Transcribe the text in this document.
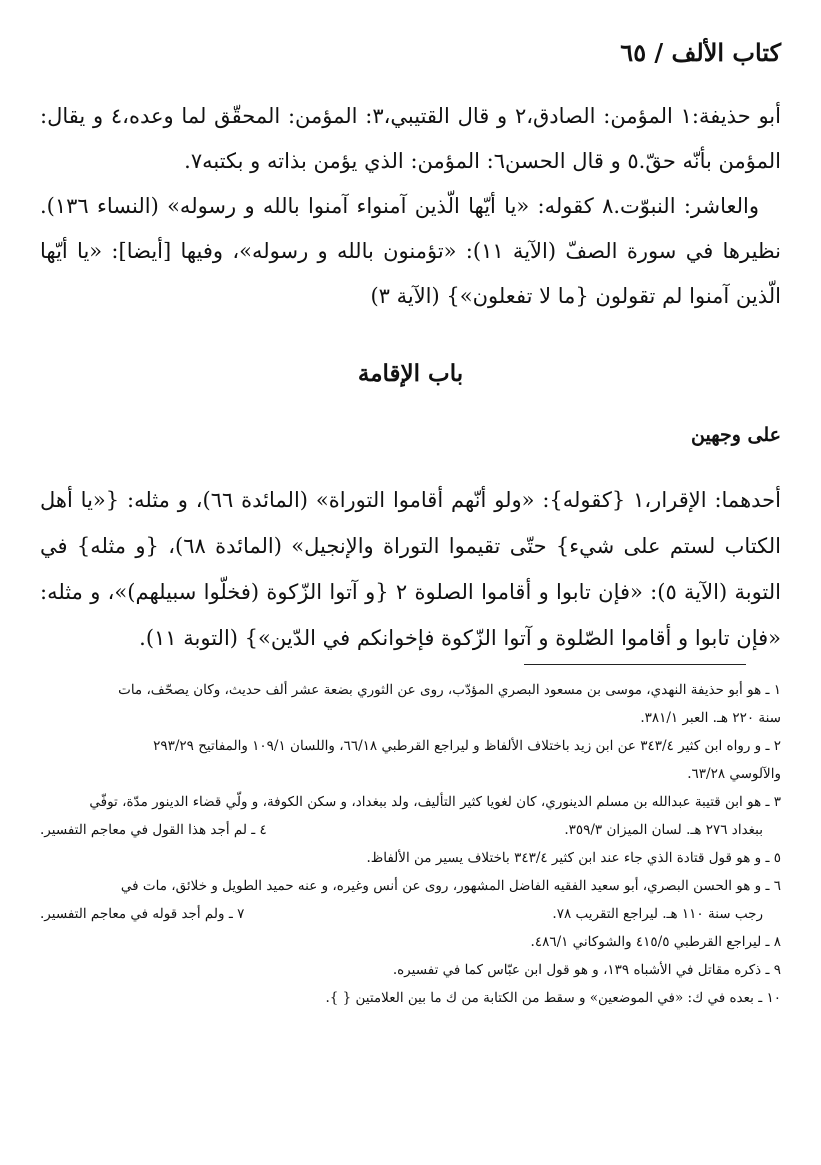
كتاب الألف / ٦٥

أبو حذيفة:١ المؤمن: الصادق،٢ و قال القتيبي،٣: المؤمن: المحقّق لما وعده،٤ و يقال: المؤمن بأنّه حقّ.٥ و قال الحسن٦: المؤمن: الذي يؤمن بذاته و بكتبه٧.

والعاشر: النبوّت.٨ كقوله: «يا أيّها الّذين آمنواء آمنوا بالله و رسوله» (النساء ١٣٦). نظيرها في سورة الصفّ (الآية ١١): «تؤمنون بالله و رسوله»، وفيها [أيضا]: «يا أيّها الّذين آمنوا لم تقولون {ما لا تفعلون»} (الآية ٣)

باب الإقامة
على وجهين

أحدهما: الإقرار،١ {كقوله}: «ولو أنّهم أقاموا التوراة» (المائدة ٦٦)، و مثله: {«يا أهل الكتاب لستم على شيء} حتّى تقيموا التوراة والإنجيل» (المائدة ٦٨)، {و مثله} في التوبة (الآية ٥): «فإن تابوا و أقاموا الصلوة ٢ {و آتوا الزّكوة (فخلّوا سبيلهم)»، و مثله: «فإن تابوا و أقاموا الصّلوة و آتوا الزّكوة فإخوانكم في الدّين»} (التوبة ١١).

١ ـ هو أبو حذيفة النهدي، موسى بن مسعود البصري المؤدّب، روى عن الثوري بضعة عشر ألف حديث، وكان يصحّف، مات

سنة ٢٢٠ هـ. العبر ٣٨١/١.

٢ ـ و رواه ابن كثير ٣٤٣/٤ عن ابن زيد باختلاف الألفاظ و لیراجع القرطبي ٦٦/١٨، واللسان ١٠٩/١ والمفاتيح ٢٩٣/٢٩

والآلوسي ٦٣/٢٨.

٣ ـ هو ابن قتيبة عبدالله بن مسلم الدينوري، كان لغويا كثير التأليف، ولد ببغداد، و سكن الكوفة، و ولّي قضاء الدينور مدّة، توفّي

ببغداد ٢٧٦ هـ. لسان الميزان ٣٥٩/٣.
٤ ـ لم أجد هذا القول في معاجم التفسير.

٥ ـ و هو قول قتادة الذي جاء عند ابن كثير ٣٤٣/٤ باختلاف يسير من الألفاظ.

٦ ـ و هو الحسن البصري، أبو سعيد الفقيه الفاضل المشهور، روى عن أنس وغيره، و عنه حميد الطويل و خلائق، مات في

رجب سنة ١١٠ هـ. ليراجع التقريب ٧٨.
٧ ـ ولم أجد قوله في معاجم التفسير.

٨ ـ ليراجع القرطبي ٤١٥/٥ والشوكاني ٤٨٦/١.

٩ ـ ذكره مقاتل في الأشباه ١٣٩، و هو قول ابن عبّاس كما في تفسيره.

١٠ ـ بعده في ك: «في الموضعين» و سقط من الكتابة من ك ما بين العلامتين { }.
